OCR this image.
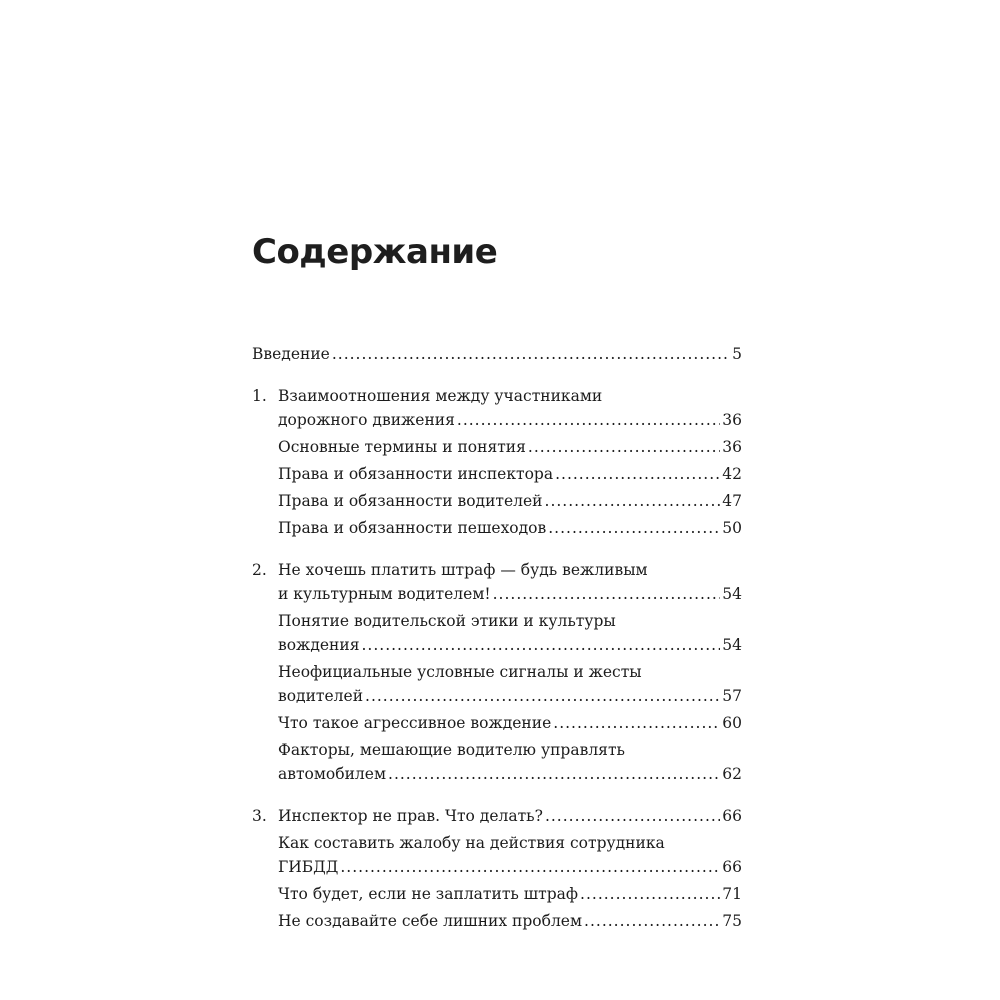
Содержание
Введение .....	5
1. Взаимоотношения между участниками
дорожного движения .....	36
Основные термины и понятия .....	36
Права и обязанности инспектора .....	42
Права и обязанности водителей .....	47
Права и обязанности пешеходов .....	50
2. Не хочешь платить штраф — будь вежливым
и культурным водителем! .....	54
Понятие водительской этики и культуры
вождения .....	54
Неофициальные условные сигналы и жесты
водителей .....	57
Что такое агрессивное вождение .....	60
Факторы, мешающие водителю управлять
автомобилем .....	62
3. Инспектор не прав. Что делать? .....	66
Как составить жалобу на действия сотрудника
ГИБДД .....	66
Что будет, если не заплатить штраф .....	71
Не создавайте себе лишних проблем .....	75
